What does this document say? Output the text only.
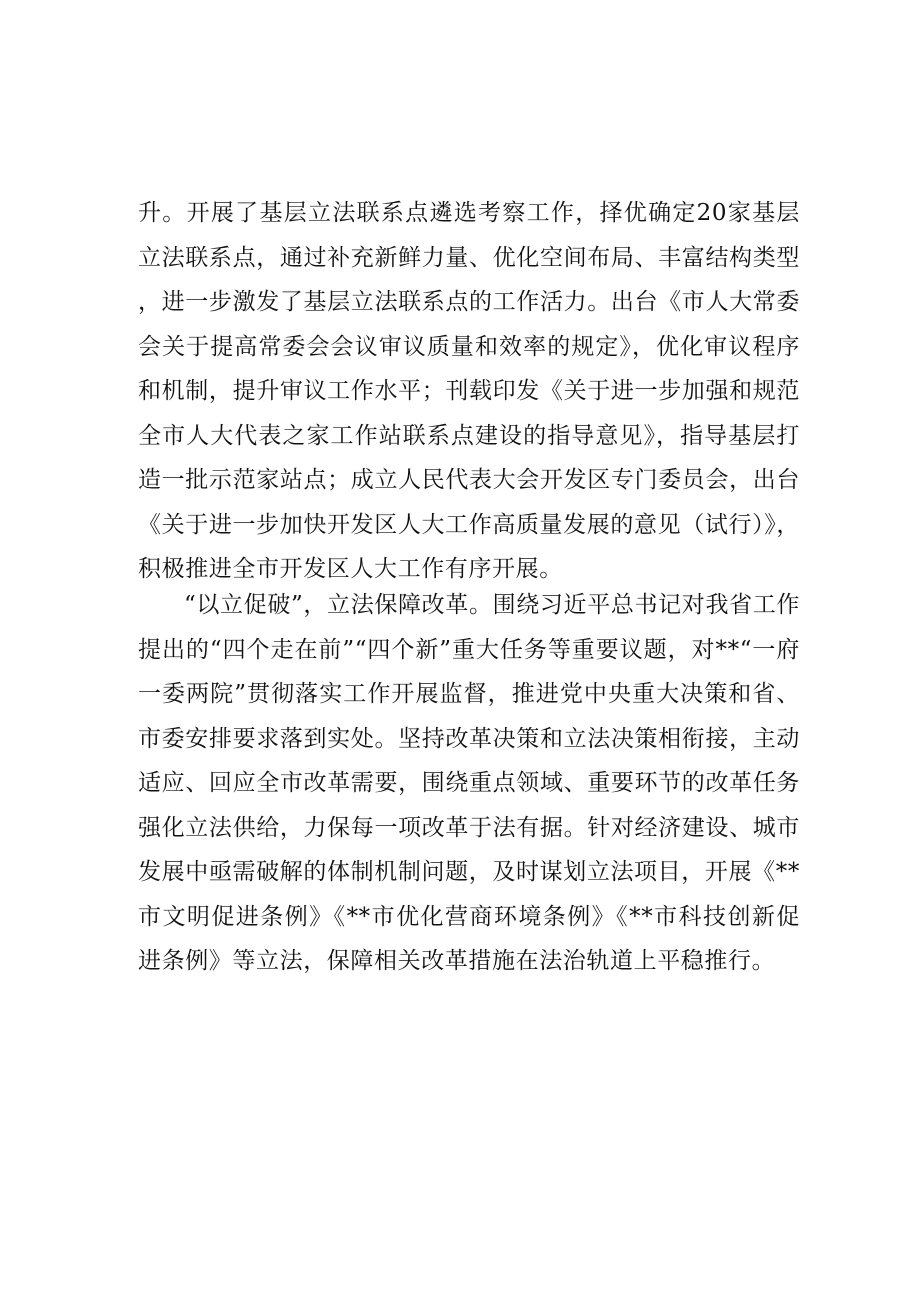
升。开展了基层立法联系点遴选考察工作，择优确定20家基层立法联系点，通过补充新鲜力量、优化空间布局、丰富结构类型，进一步激发了基层立法联系点的工作活力。出台《市人大常委会关于提高常委会会议审议质量和效率的规定》，优化审议程序和机制，提升审议工作水平；刊载印发《关于进一步加强和规范全市人大代表之家工作站联系点建设的指导意见》，指导基层打造一批示范家站点；成立人民代表大会开发区专门委员会，出台《关于进一步加快开发区人大工作高质量发展的意见（试行）》，积极推进全市开发区人大工作有序开展。

“以立促破”，立法保障改革。围绕习近平总书记对我省工作提出的“四个走在前”“四个新”重大任务等重要议题，对**“一府一委两院”贯彻落实工作开展监督，推进党中央重大决策和省、市委安排要求落到实处。坚持改革决策和立法决策相衔接，主动适应、回应全市改革需要，围绕重点领域、重要环节的改革任务强化立法供给，力保每一项改革于法有据。针对经济建设、城市发展中亟需破解的体制机制问题，及时谋划立法项目，开展《**市文明促进条例》《**市优化营商环境条例》《**市科技创新促进条例》等立法，保障相关改革措施在法治轨道上平稳推行。
